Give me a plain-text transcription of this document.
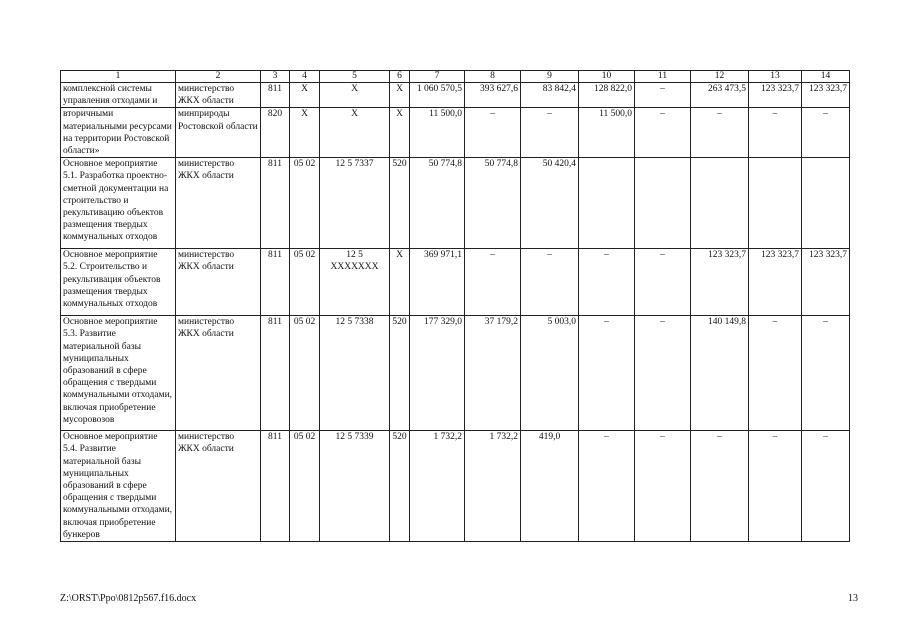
1	2	3	4	5	6	7	8	9	10	11	12	13	14
комплексной системы управления отходами и	министерство ЖКХ области	811	Х	Х	Х	1 060 570,5	393 627,6	83 842,4	128 822,0	–	263 473,5	123 323,7	123 323,7
вторичными материальными ресурсами на территории Ростовской области»	минприроды Ростовской области	820	Х	Х	Х	11 500,0	–	–	11 500,0	–	–	–	–
Основное мероприятие 5.1. Разработка проектно-сметной документации на строительство и рекультивацию объектов размещения твердых коммунальных отходов	министерство ЖКХ области	811	05 02	12 5 7337	520	50 774,8	50 774,8	50 420,4					
Основное мероприятие 5.2. Строительство и рекультивация объектов размещения твердых коммунальных отходов	министерство ЖКХ области	811	05 02	12 5 ХХХХХХХ	Х	369 971,1	–	–	–	–	123 323,7	123 323,7	123 323,7
Основное мероприятие 5.3. Развитие материальной базы муниципальных образований в сфере обращения с твердыми коммунальными отходами, включая приобретение мусоровозов	министерство ЖКХ области	811	05 02	12 5 7338	520	177 329,0	37 179,2	5 003,0	–	–	140 149,8	–	–
Основное мероприятие 5.4. Развитие материальной базы муниципальных образований в сфере обращения с твердыми коммунальными отходами, включая приобретение бункеров	министерство ЖКХ области	811	05 02	12 5 7339	520	1 732,2	1 732,2	419,0	–	–	–	–	–
Z:\ORST\Ppo\0812p567.f16.docx	13
